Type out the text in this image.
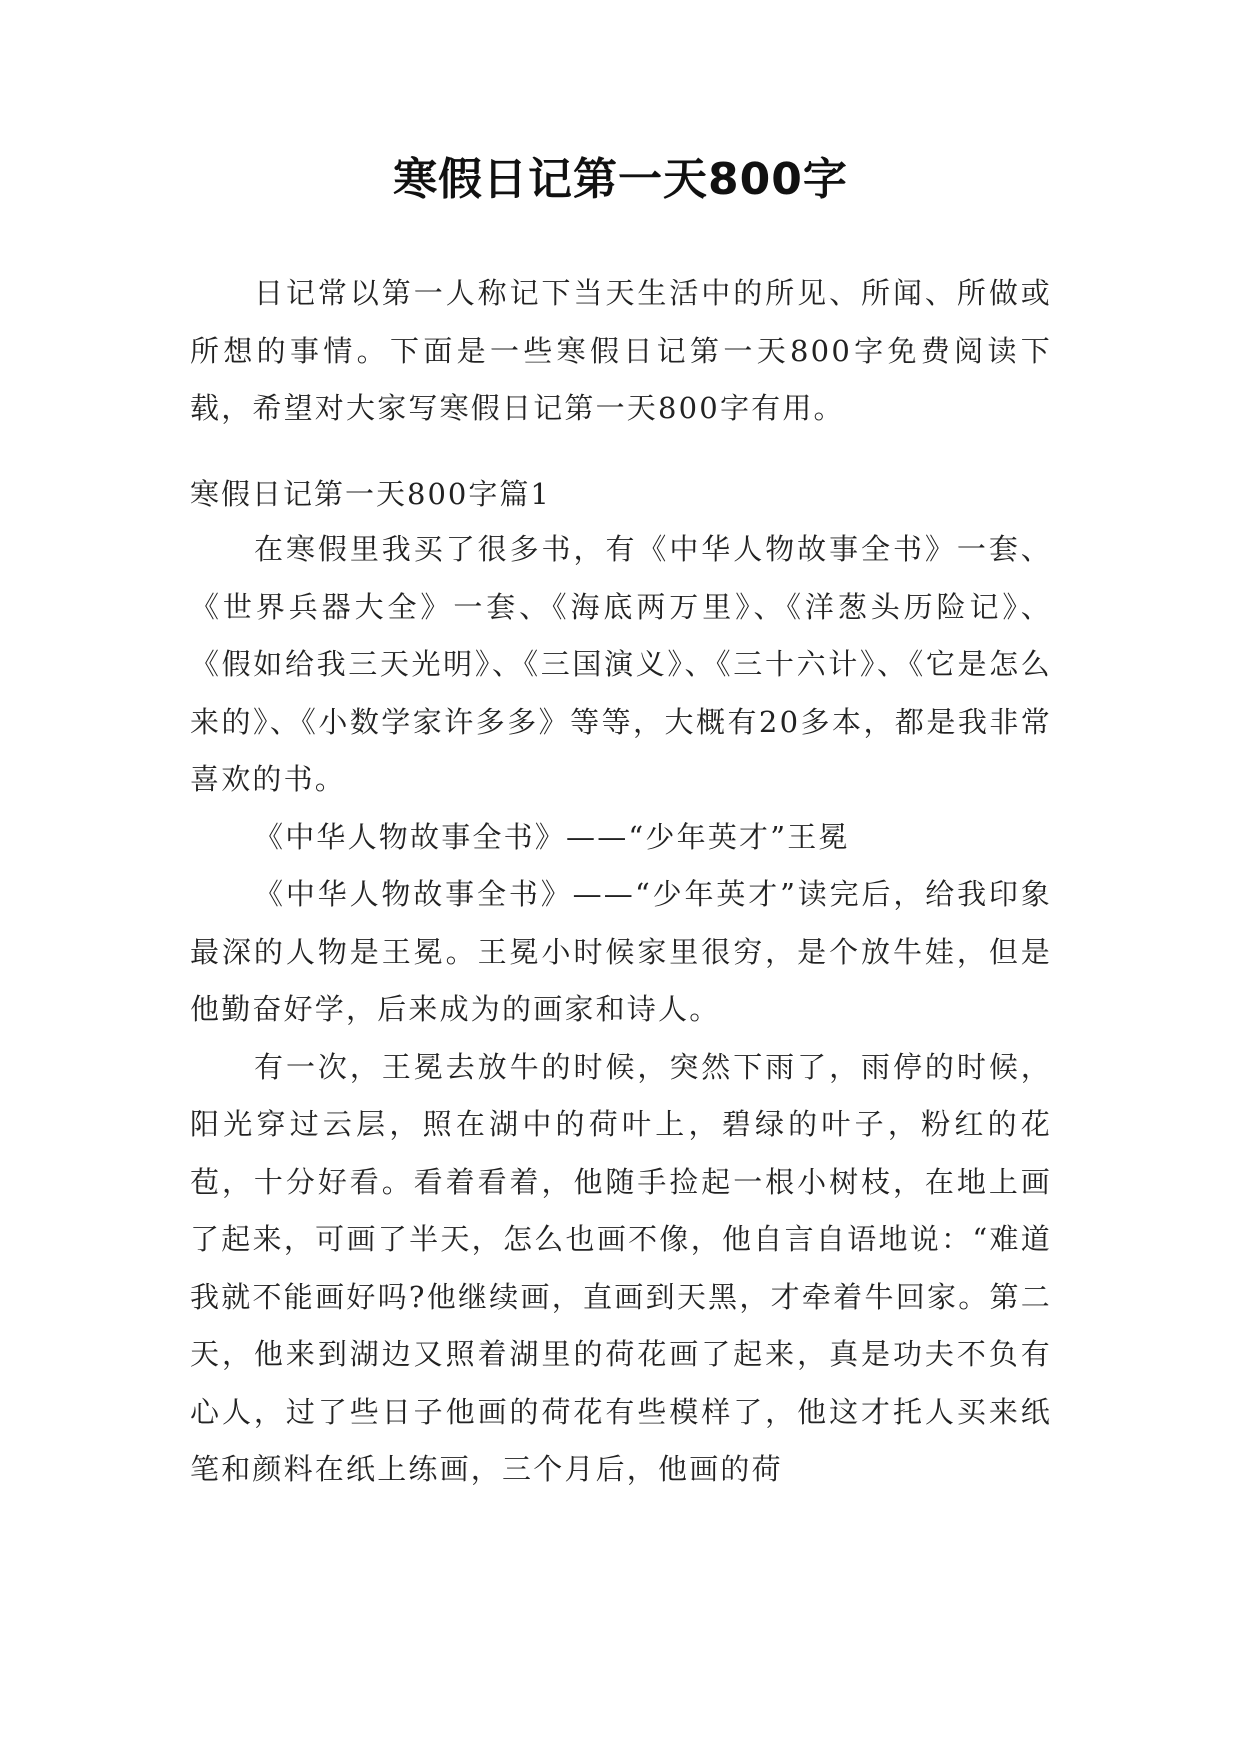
寒假日记第一天800字

日记常以第一人称记下当天生活中的所见、所闻、所做或所想的事情。下面是一些寒假日记第一天800字免费阅读下载，希望对大家写寒假日记第一天800字有用。

寒假日记第一天800字篇1

在寒假里我买了很多书，有《中华人物故事全书》一套、《世界兵器大全》一套、《海底两万里》、《洋葱头历险记》、《假如给我三天光明》、《三国演义》、《三十六计》、《它是怎么来的》、《小数学家许多多》等等，大概有20多本，都是我非常喜欢的书。

《中华人物故事全书》——“少年英才”王冕

《中华人物故事全书》——“少年英才”读完后，给我印象最深的人物是王冕。王冕小时候家里很穷，是个放牛娃，但是他勤奋好学，后来成为的画家和诗人。

有一次，王冕去放牛的时候，突然下雨了，雨停的时候，阳光穿过云层，照在湖中的荷叶上，碧绿的叶子，粉红的花苞，十分好看。看着看着，他随手捡起一根小树枝，在地上画了起来，可画了半天，怎么也画不像，他自言自语地说：“难道我就不能画好吗?他继续画，直画到天黑，才牵着牛回家。第二天，他来到湖边又照着湖里的荷花画了起来，真是功夫不负有心人，过了些日子他画的荷花有些模样了，他这才托人买来纸笔和颜料在纸上练画，三个月后，他画的荷
